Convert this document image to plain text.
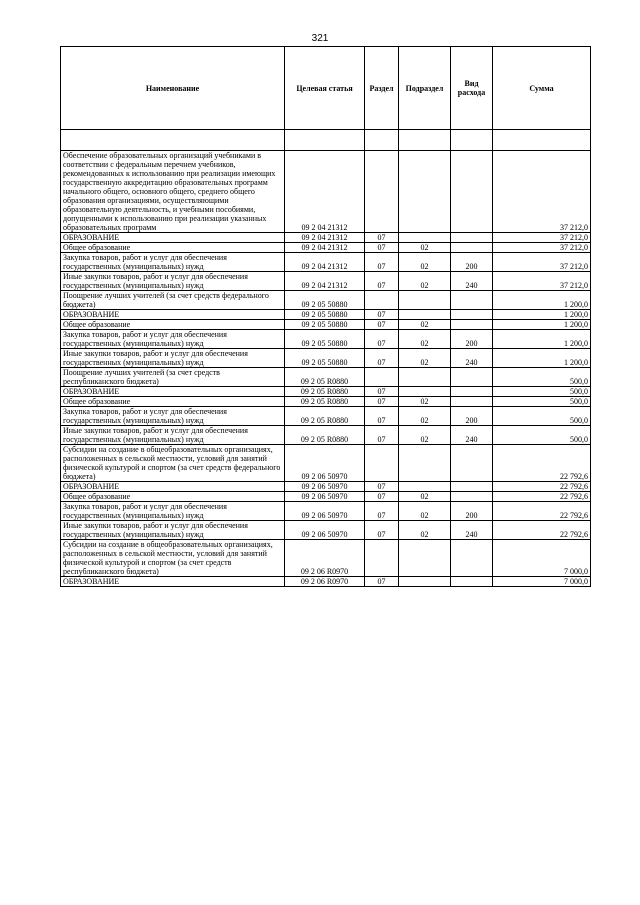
321
Наименование	Целевая статья	Раздел	Подраздел	Вид расхода	Сумма

Обеспечение образовательных организаций учебниками в соответствии с федеральным перечнем учебников, рекомендованных к использованию при реализации имеющих государственную аккредитацию образовательных программ начального общего, основного общего, среднего общего образования организациями, осуществляющими образовательную деятельность, и учебными пособиями, допущенными к использованию при реализации указанных образовательных программ	09 2 04 21312				37 212,0
ОБРАЗОВАНИЕ	09 2 04 21312	07			37 212,0
Общее образование	09 2 04 21312	07	02		37 212,0
Закупка товаров, работ и услуг для обеспечения государственных (муниципальных) нужд	09 2 04 21312	07	02	200	37 212,0
Иные закупки товаров, работ и услуг для обеспечения государственных (муниципальных) нужд	09 2 04 21312	07	02	240	37 212,0
Поощрение лучших учителей (за счет средств федерального бюджета)	09 2 05 50880				1 200,0
ОБРАЗОВАНИЕ	09 2 05 50880	07			1 200,0
Общее образование	09 2 05 50880	07	02		1 200,0
Закупка товаров, работ и услуг для обеспечения государственных (муниципальных) нужд	09 2 05 50880	07	02	200	1 200,0
Иные закупки товаров, работ и услуг для обеспечения государственных (муниципальных) нужд	09 2 05 50880	07	02	240	1 200,0
Поощрение лучших учителей (за счет средств республиканского бюджета)	09 2 05 R0880				500,0
ОБРАЗОВАНИЕ	09 2 05 R0880	07			500,0
Общее образование	09 2 05 R0880	07	02		500,0
Закупка товаров, работ и услуг для обеспечения государственных (муниципальных) нужд	09 2 05 R0880	07	02	200	500,0
Иные закупки товаров, работ и услуг для обеспечения государственных (муниципальных) нужд	09 2 05 R0880	07	02	240	500,0
Субсидии на создание в общеобразовательных организациях, расположенных в сельской местности, условий для занятий физической культурой и спортом (за счет средств федерального бюджета)	09 2 06 50970				22 792,6
ОБРАЗОВАНИЕ	09 2 06 50970	07			22 792,6
Общее образование	09 2 06 50970	07	02		22 792,6
Закупка товаров, работ и услуг для обеспечения государственных (муниципальных) нужд	09 2 06 50970	07	02	200	22 792,6
Иные закупки товаров, работ и услуг для обеспечения государственных (муниципальных) нужд	09 2 06 50970	07	02	240	22 792,6
Субсидии на создание в общеобразовательных организациях, расположенных в сельской местности, условий для занятий физической культурой и спортом (за счет средств республиканского бюджета)	09 2 06 R0970				7 000,0
ОБРАЗОВАНИЕ	09 2 06 R0970	07			7 000,0
